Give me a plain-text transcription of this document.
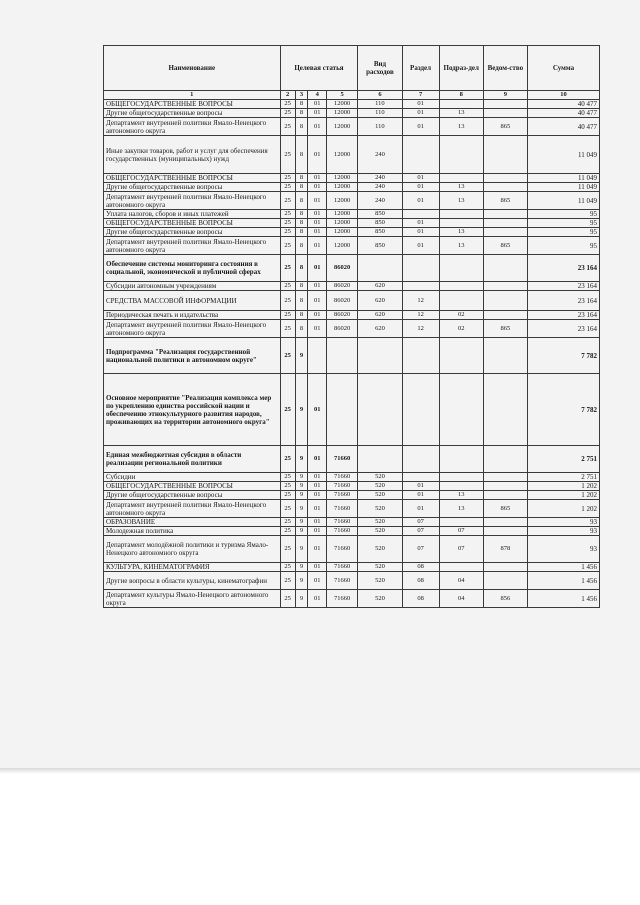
Наименование	Целевая статья				Вид расходов	Раздел	Подраз-дел	Ведом-ство	Сумма
1	2	3	4	5	6	7	8	9	10
ОБЩЕГОСУДАРСТВЕННЫЕ ВОПРОСЫ	25	8	01	12000	110	01			40 477
Другие общегосударственные вопросы	25	8	01	12000	110	01	13		40 477
Департамент внутренней политики Ямало-Ненецкого автономного округа	25	8	01	12000	110	01	13	865	40 477
Иные закупки товаров, работ и услуг для обеспечения государственных (муниципальных) нужд	25	8	01	12000	240				11 049
ОБЩЕГОСУДАРСТВЕННЫЕ ВОПРОСЫ	25	8	01	12000	240	01			11 049
Другие общегосударственные вопросы	25	8	01	12000	240	01	13		11 049
Департамент внутренней политики Ямало-Ненецкого автономного округа	25	8	01	12000	240	01	13	865	11 049
Уплата налогов, сборов и иных платежей	25	8	01	12000	850				95
ОБЩЕГОСУДАРСТВЕННЫЕ ВОПРОСЫ	25	8	01	12000	850	01			95
Другие общегосударственные вопросы	25	8	01	12000	850	01	13		95
Департамент внутренней политики Ямало-Ненецкого автономного округа	25	8	01	12000	850	01	13	865	95
Обеспечение системы мониторинга состояния в социальной, экономической и публичной сферах	25	8	01	86020					23 164
Субсидии автономным учреждениям	25	8	01	86020	620				23 164
СРЕДСТВА МАССОВОЙ ИНФОРМАЦИИ	25	8	01	86020	620	12			23 164
Периодическая печать и издательства	25	8	01	86020	620	12	02		23 164
Департамент внутренней политики Ямало-Ненецкого автономного округа	25	8	01	86020	620	12	02	865	23 164
Подпрограмма "Реализация государственной национальной политики в автономном округе"	25	9							7 782
Основное мероприятие "Реализация комплекса мер по укреплению единства российской нации и обеспечению этнокультурного развития народов, проживающих на территории автономного округа"	25	9	01						7 782
Единая межбюджетная субсидия в области реализации региональной политики	25	9	01	71660					2 751
Субсидии	25	9	01	71660	520				2 751
ОБЩЕГОСУДАРСТВЕННЫЕ ВОПРОСЫ	25	9	01	71660	520	01			1 202
Другие общегосударственные вопросы	25	9	01	71660	520	01	13		1 202
Департамент внутренней политики Ямало-Ненецкого автономного округа	25	9	01	71660	520	01	13	865	1 202
ОБРАЗОВАНИЕ	25	9	01	71660	520	07			93
Молодежная политика	25	9	01	71660	520	07	07		93
Департамент молодёжной политики и туризма Ямало-Ненецкого автономного округа	25	9	01	71660	520	07	07	878	93
КУЛЬТУРА, КИНЕМАТОГРАФИЯ	25	9	01	71660	520	08			1 456
Другие вопросы в области культуры, кинематографии	25	9	01	71660	520	08	04		1 456
Департамент культуры Ямало-Ненецкого автономного округа	25	9	01	71660	520	08	04	856	1 456
